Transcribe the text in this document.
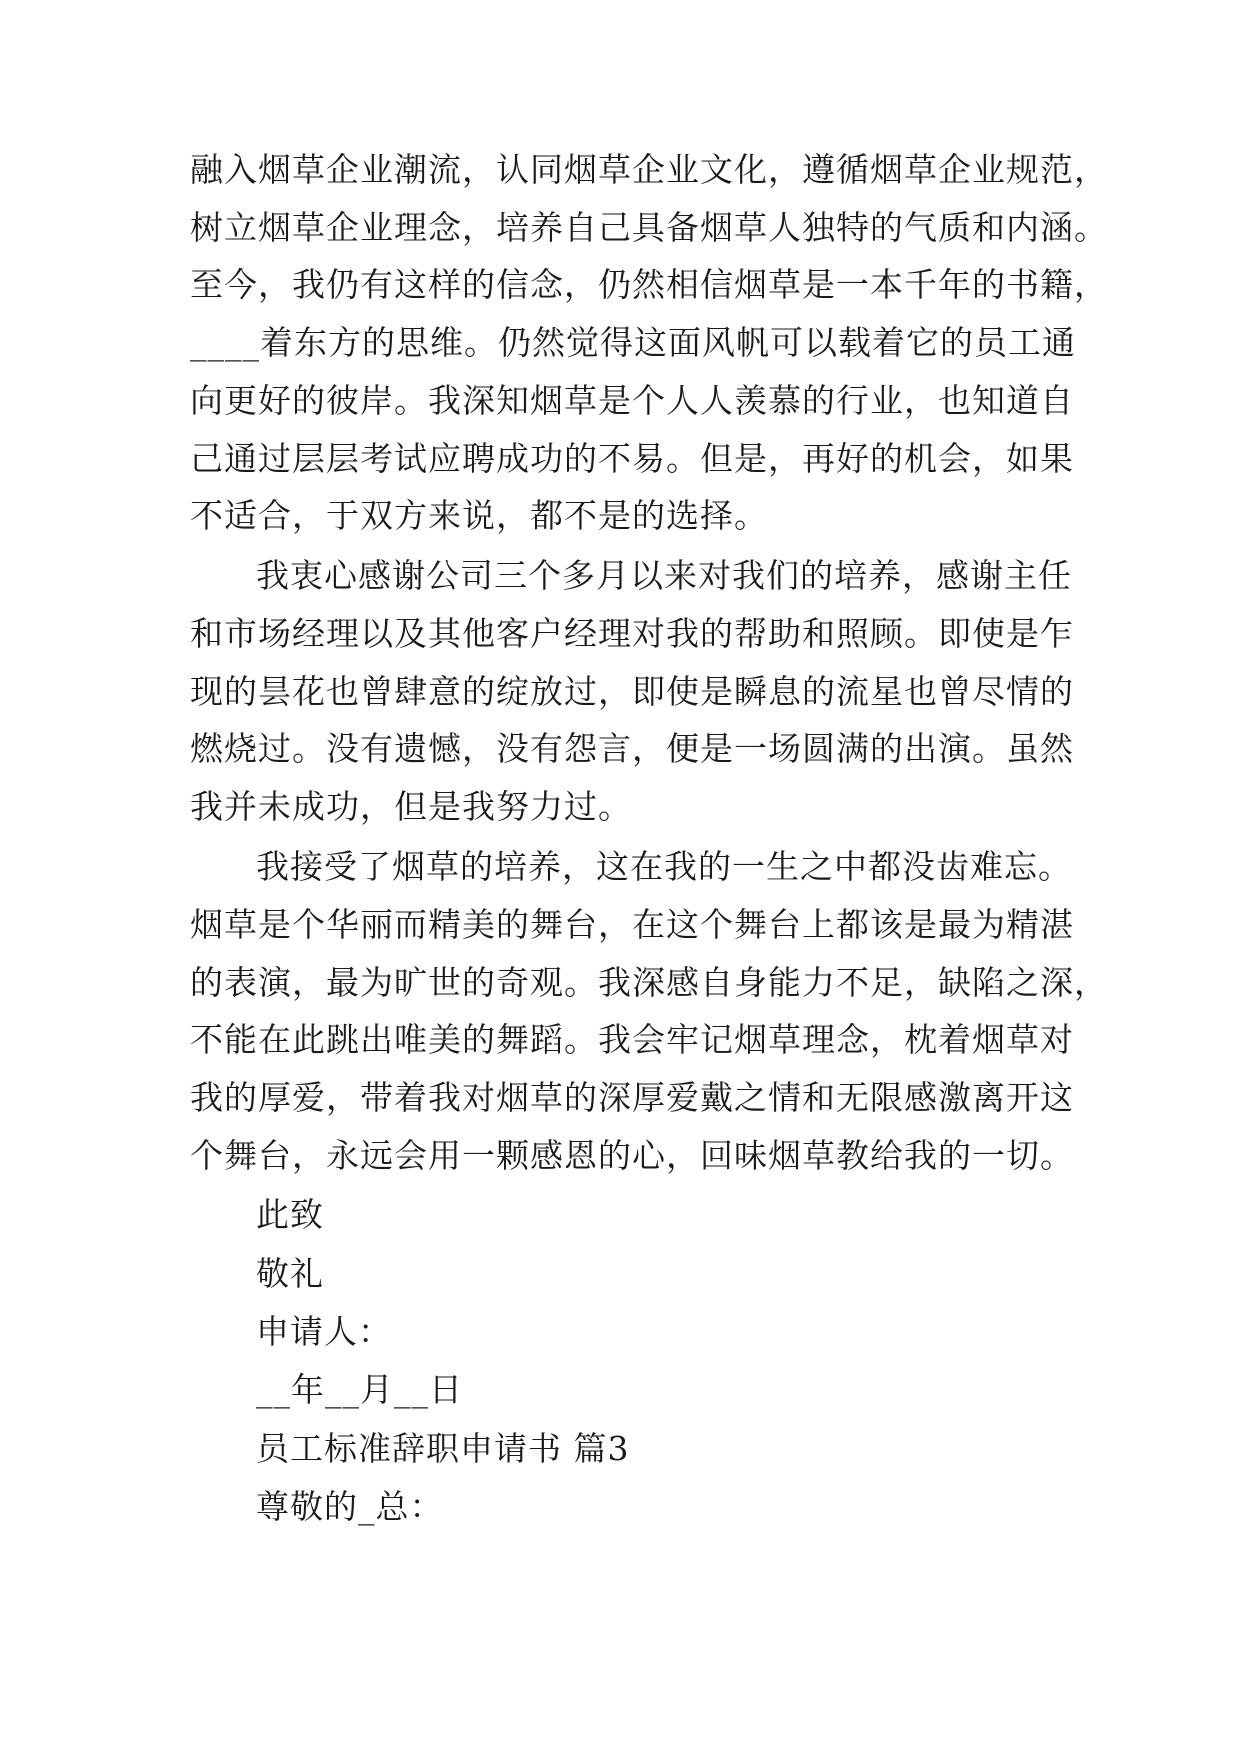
融入烟草企业潮流，认同烟草企业文化，遵循烟草企业规范，
树立烟草企业理念，培养自己具备烟草人独特的气质和内涵。
至今，我仍有这样的信念，仍然相信烟草是一本千年的书籍，
____着东方的思维。仍然觉得这面风帆可以载着它的员工通
向更好的彼岸。我深知烟草是个人人羡慕的行业，也知道自
己通过层层考试应聘成功的不易。但是，再好的机会，如果
不适合，于双方来说，都不是的选择。
我衷心感谢公司三个多月以来对我们的培养，感谢主任
和市场经理以及其他客户经理对我的帮助和照顾。即使是乍
现的昙花也曾肆意的绽放过，即使是瞬息的流星也曾尽情的
燃烧过。没有遗憾，没有怨言，便是一场圆满的出演。虽然
我并未成功，但是我努力过。
我接受了烟草的培养，这在我的一生之中都没齿难忘。
烟草是个华丽而精美的舞台，在这个舞台上都该是最为精湛
的表演，最为旷世的奇观。我深感自身能力不足，缺陷之深，
不能在此跳出唯美的舞蹈。我会牢记烟草理念，枕着烟草对
我的厚爱，带着我对烟草的深厚爱戴之情和无限感激离开这
个舞台，永远会用一颗感恩的心，回味烟草教给我的一切。
此致
敬礼
申请人：
__年__月__日
员工标准辞职申请书 篇3
尊敬的_总：
